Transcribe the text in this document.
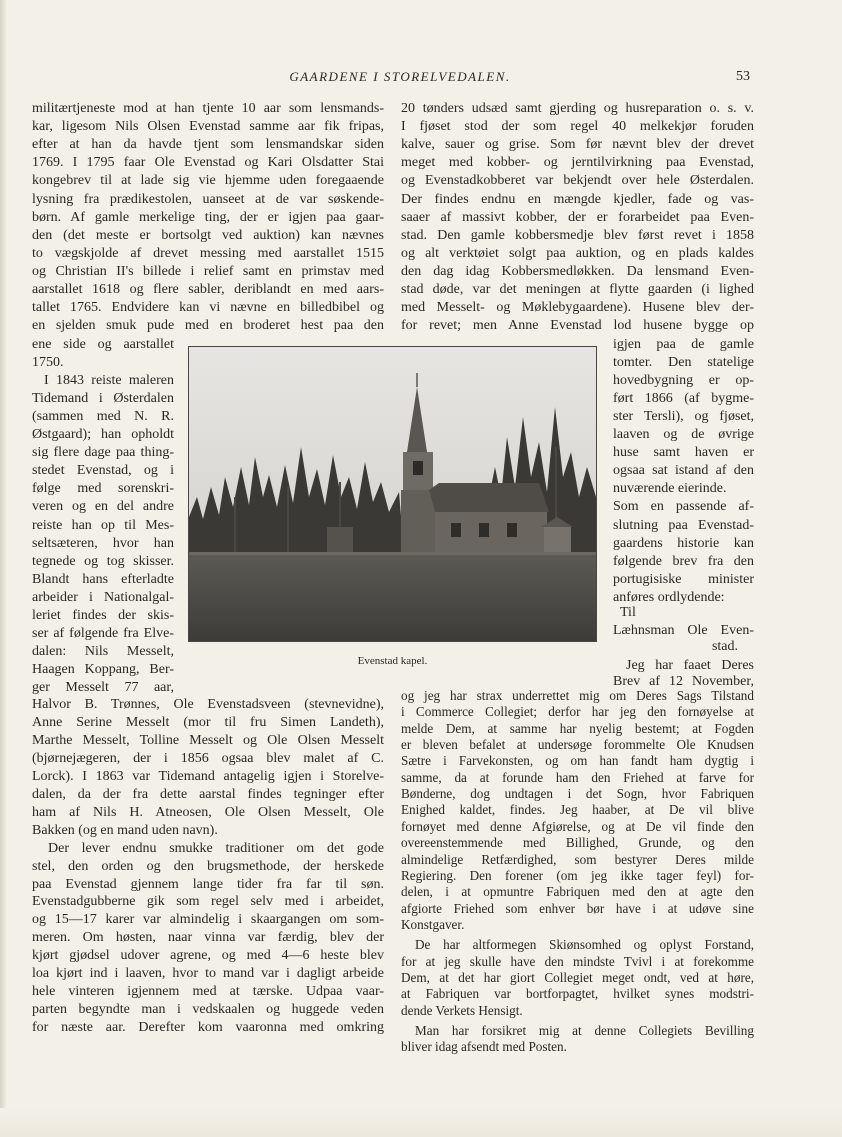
GAARDENE I STORELVEDALEN.	53
militærtjeneste mod at han tjente 10 aar som lensmands-
kar, ligesom Nils Olsen Evenstad samme aar fik fripas,
efter at han da havde tjent som lensmandskar siden
1769. I 1795 faar Ole Evenstad og Kari Olsdatter Stai
kongebrev til at lade sig vie hjemme uden foregaaende
lysning fra prædikestolen, uanseet at de var søskende-
børn. Af gamle merkelige ting, der er igjen paa gaar-
den (det meste er bortsolgt ved auktion) kan nævnes
to vægskjolde af drevet messing med aarstallet 1515
og Christian II's billede i relief samt en primstav med
aarstallet 1618 og flere sabler, deriblandt en med aars-
tallet 1765. Endvidere kan vi nævne en billedbibel og
en sjelden smuk pude med en broderet hest paa den
ene side og aarstallet
1750.
I 1843 reiste maleren
Tidemand i Østerdalen
(sammen med N. R.
Østgaard); han opholdt
sig flere dage paa thing-
stedet Evenstad, og i
følge med sorenskri-
veren og en del andre
reiste han op til Mes-
seltsæteren, hvor han
tegnede og tog skisser.
Blandt hans efterladte
arbeider i Nationalgal-
leriet findes der skis-
ser af følgende fra Elve-
dalen: Nils Messelt,
Haagen Koppang, Ber-
ger Messelt 77 aar,
Halvor B. Trønnes, Ole Evenstadsveen (stevnevidne),
Anne Serine Messelt (mor til fru Simen Landeth),
Marthe Messelt, Tolline Messelt og Ole Olsen Messelt
(bjørnejægeren, der i 1856 ogsaa blev malet af C.
Lorck). I 1863 var Tidemand antagelig igjen i Storelve-
dalen, da der fra dette aarstal findes tegninger efter
ham af Nils H. Atneosen, Ole Olsen Messelt, Ole
Bakken (og en mand uden navn).
Der lever endnu smukke traditioner om det gode
stel, den orden og den brugsmethode, der herskede
paa Evenstad gjennem lange tider fra far til søn.
Evenstadgubberne gik som regel selv med i arbeidet,
og 15—17 karer var almindelig i skaargangen om som-
meren. Om høsten, naar vinna var færdig, blev der
kjørt gjødsel udover agrene, og med 4—6 heste blev
loa kjørt ind i laaven, hvor to mand var i dagligt arbeide
hele vinteren igjennem med at tærske. Udpaa vaar-
parten begyndte man i vedskaalen og huggede veden
for næste aar. Derefter kom vaaronna med omkring
20 tønders udsæd samt gjerding og husreparation o. s. v.
I fjøset stod der som regel 40 melkekjør foruden
kalve, sauer og grise. Som før nævnt blev der drevet
meget med kobber- og jerntilvirkning paa Evenstad,
og Evenstadkobberet var bekjendt over hele Østerdalen.
Der findes endnu en mængde kjedler, fade og vas-
saaer af massivt kobber, der er forarbeidet paa Even-
stad. Den gamle kobbersmedje blev først revet i 1858
og alt verktøiet solgt paa auktion, og en plads kaldes
den dag idag Kobbersmedløkken. Da lensmand Even-
stad døde, var det meningen at flytte gaarden (i lighed
med Messelt- og Møklebygaardene). Husene blev der-
for revet; men Anne Evenstad lod husene bygge op
igjen paa de gamle
tomter. Den statelige
hovedbygning er op-
ført 1866 (af bygme-
ster Tersli), og fjøset,
laaven og de øvrige
huse samt haven er
ogsaa sat istand af den
nuværende eierinde.
Som en passende af-
slutning paa Evenstad-
gaardens historie kan
følgende brev fra den
portugisiske minister
anføres ordlydende:
Til
Læhnsman Ole Even-
stad.
Jeg har faaet Deres
Brev af 12 November,
og jeg har strax underrettet mig om Deres Sags Tilstand
i Commerce Collegiet; derfor har jeg den fornøyelse at
melde Dem, at samme har nyelig bestemt; at Fogden
er bleven befalet at undersøge forommelte Ole Knudsen
Sætre i Farvekonsten, og om han fandt ham dygtig i
samme, da at forunde ham den Friehed at farve for
Bønderne, dog undtagen i det Sogn, hvor Fabriquen
Enighed kaldet, findes. Jeg haaber, at De vil blive
fornøyet med denne Afgiørelse, og at De vil finde den
overeenstemmende med Billighed, Grunde, og den
almindelige Retfærdighed, som bestyrer Deres milde
Regiering. Den forener (om jeg ikke tager feyl) for-
delen, i at opmuntre Fabriquen med den at agte den
afgiorte Friehed som enhver bør have i at udøve sine
Konstgaver.
De har altformegen Skiønsomhed og oplyst Forstand,
for at jeg skulle have den mindste Tvivl i at forekomme
Dem, at det har giort Collegiet meget ondt, ved at høre,
at Fabriquen var bortforpagtet, hvilket synes modstri-
dende Verkets Hensigt.
Man har forsikret mig at denne Collegiets Bevilling
bliver idag afsendt med Posten.
Evenstad kapel.
